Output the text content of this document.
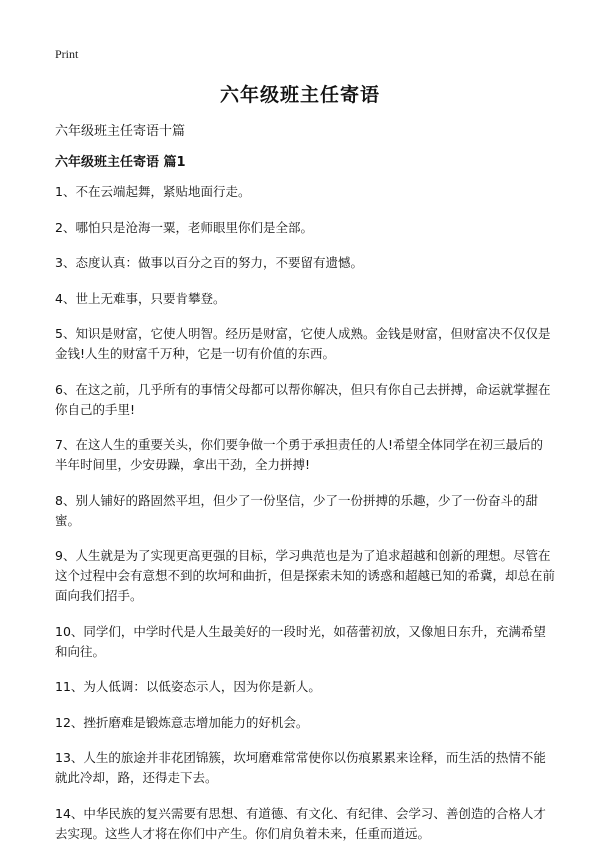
Print
六年级班主任寄语
六年级班主任寄语十篇
六年级班主任寄语 篇1

1、不在云端起舞，紧贴地面行走。

2、哪怕只是沧海一粟，老师眼里你们是全部。

3、态度认真：做事以百分之百的努力，不要留有遗憾。

4、世上无难事，只要肯攀登。

5、知识是财富，它使人明智。经历是财富，它使人成熟。金钱是财富，但财富决不仅仅是金钱!人生的财富千万种，它是一切有价值的东西。

6、在这之前，几乎所有的事情父母都可以帮你解决，但只有你自己去拼搏，命运就掌握在你自己的手里!

7、在这人生的重要关头，你们要争做一个勇于承担责任的人!希望全体同学在初三最后的半年时间里，少安毋躁，拿出干劲，全力拼搏!

8、别人铺好的路固然平坦，但少了一份坚信，少了一份拼搏的乐趣，少了一份奋斗的甜蜜。

9、人生就是为了实现更高更强的目标，学习典范也是为了追求超越和创新的理想。尽管在这个过程中会有意想不到的坎坷和曲折，但是探索未知的诱惑和超越已知的希冀，却总在前面向我们招手。

10、同学们，中学时代是人生最美好的一段时光，如蓓蕾初放，又像旭日东升，充满希望和向往。

11、为人低调：以低姿态示人，因为你是新人。

12、挫折磨难是锻炼意志增加能力的好机会。

13、人生的旅途并非花团锦簇，坎坷磨难常常使你以伤痕累累来诠释，而生活的热情不能就此冷却，路，还得走下去。

14、中华民族的复兴需要有思想、有道德、有文化、有纪律、会学习、善创造的合格人才去实现。这些人才将在你们中产生。你们肩负着未来，任重而道远。
